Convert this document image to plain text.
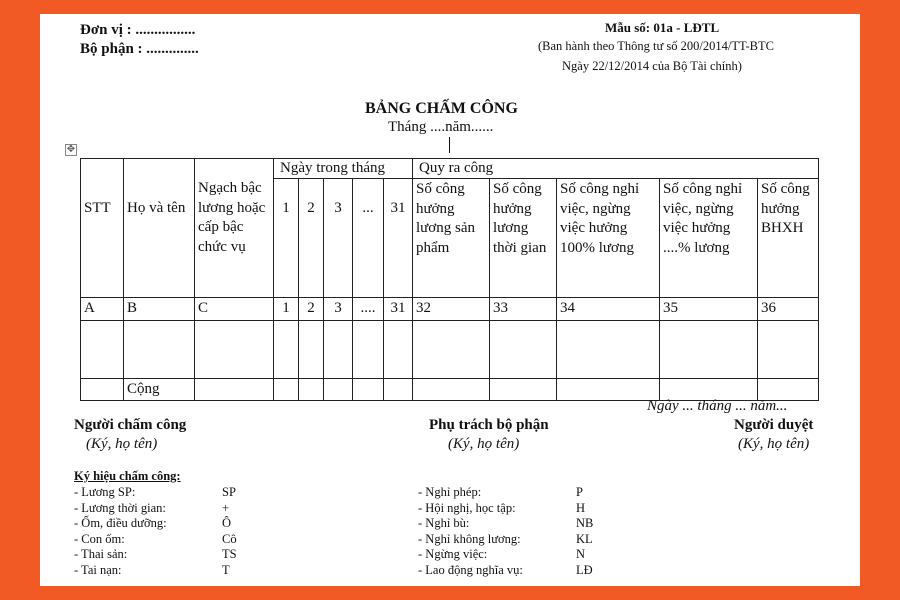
Đơn vị : ................
Bộ phận : ..............
Mẫu số: 01a - LĐTL
(Ban hành theo Thông tư số 200/2014/TT-BTC
Ngày 22/12/2014 của Bộ Tài chính)
BẢNG CHẤM CÔNG
Tháng ....năm......
✥
STT	Họ và tên	Ngạch bậc lương hoặc cấp bậc chức vụ	Ngày trong tháng					Quy ra công				
			1	2	3	...	31	Số công hưởng lương sản phẩm	Số công hưởng lương thời gian	Số công nghỉ việc, ngừng việc hưởng 100% lương	Số công nghỉ việc, ngừng việc hưởng ....% lương	Số công hưởng BHXH
A	B	C	1	2	3	....	31	32	33	34	35	36

	Cộng											
Ngày ... tháng ... năm...
Người chấm công
(Ký, họ tên)
Phụ trách bộ phận
(Ký, họ tên)
Người duyệt
(Ký, họ tên)
Ký hiệu chấm công:
- Lương SP:	SP
- Lương thời gian:	+
- Ốm, điều dưỡng:	Ô
- Con ốm:	Cô
- Thai sản:	TS
- Tai nạn:	T
- Nghỉ phép:	P
- Hội nghị, học tập:	H
- Nghỉ bù:	NB
- Nghỉ không lương:	KL
- Ngừng việc:	N
- Lao động nghĩa vụ:	LĐ
